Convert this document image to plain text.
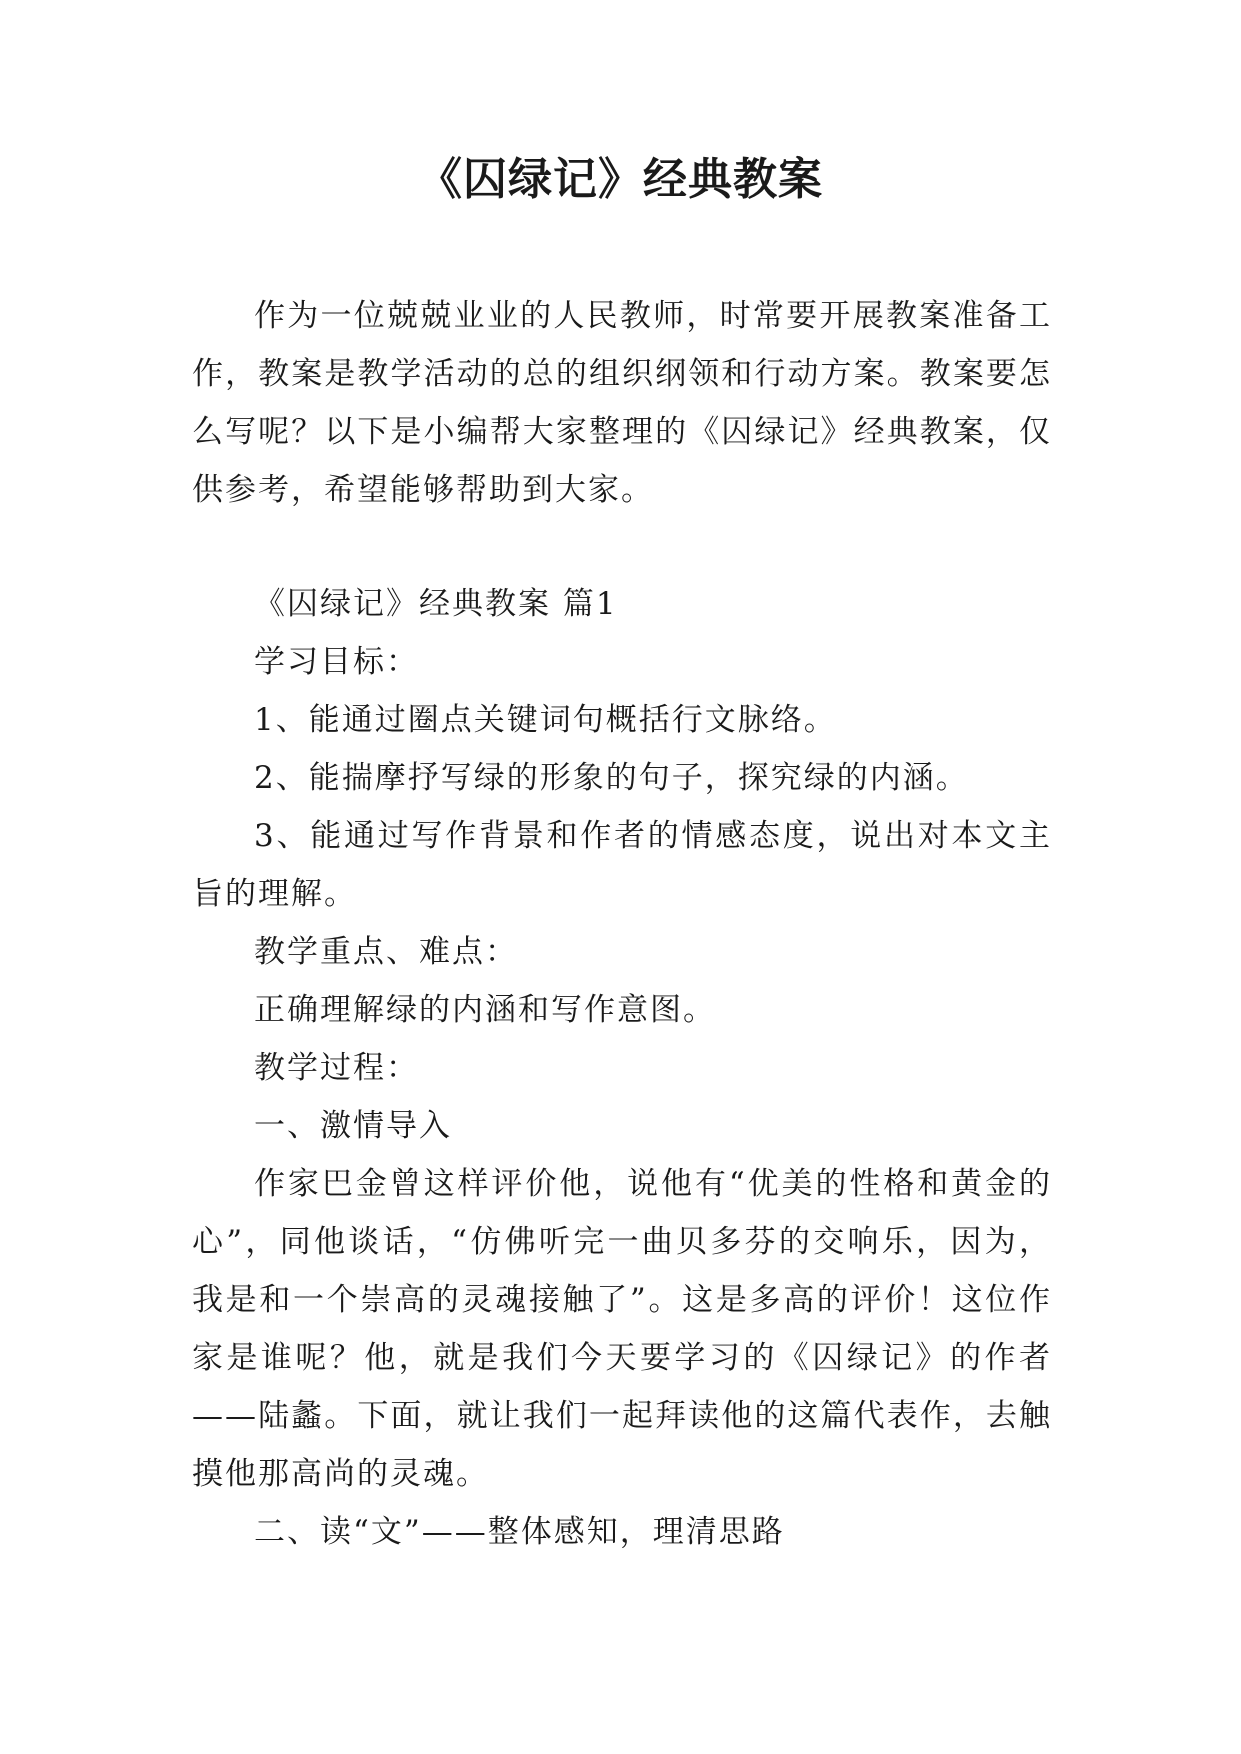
《囚绿记》经典教案

作为一位兢兢业业的人民教师，时常要开展教案准备工作，教案是教学活动的总的组织纲领和行动方案。教案要怎么写呢？以下是小编帮大家整理的《囚绿记》经典教案，仅供参考，希望能够帮助到大家。

《囚绿记》经典教案 篇1

学习目标：

1、能通过圈点关键词句概括行文脉络。

2、能揣摩抒写绿的形象的句子，探究绿的内涵。

3、能通过写作背景和作者的情感态度，说出对本文主旨的理解。

教学重点、难点：

正确理解绿的内涵和写作意图。

教学过程：

一、激情导入

作家巴金曾这样评价他，说他有“优美的性格和黄金的心”，同他谈话，“仿佛听完一曲贝多芬的交响乐，因为，我是和一个崇高的灵魂接触了”。这是多高的评价！这位作家是谁呢？他，就是我们今天要学习的《囚绿记》的作者——陆蠡。下面，就让我们一起拜读他的这篇代表作，去触摸他那高尚的灵魂。

二、读“文”——整体感知，理清思路
